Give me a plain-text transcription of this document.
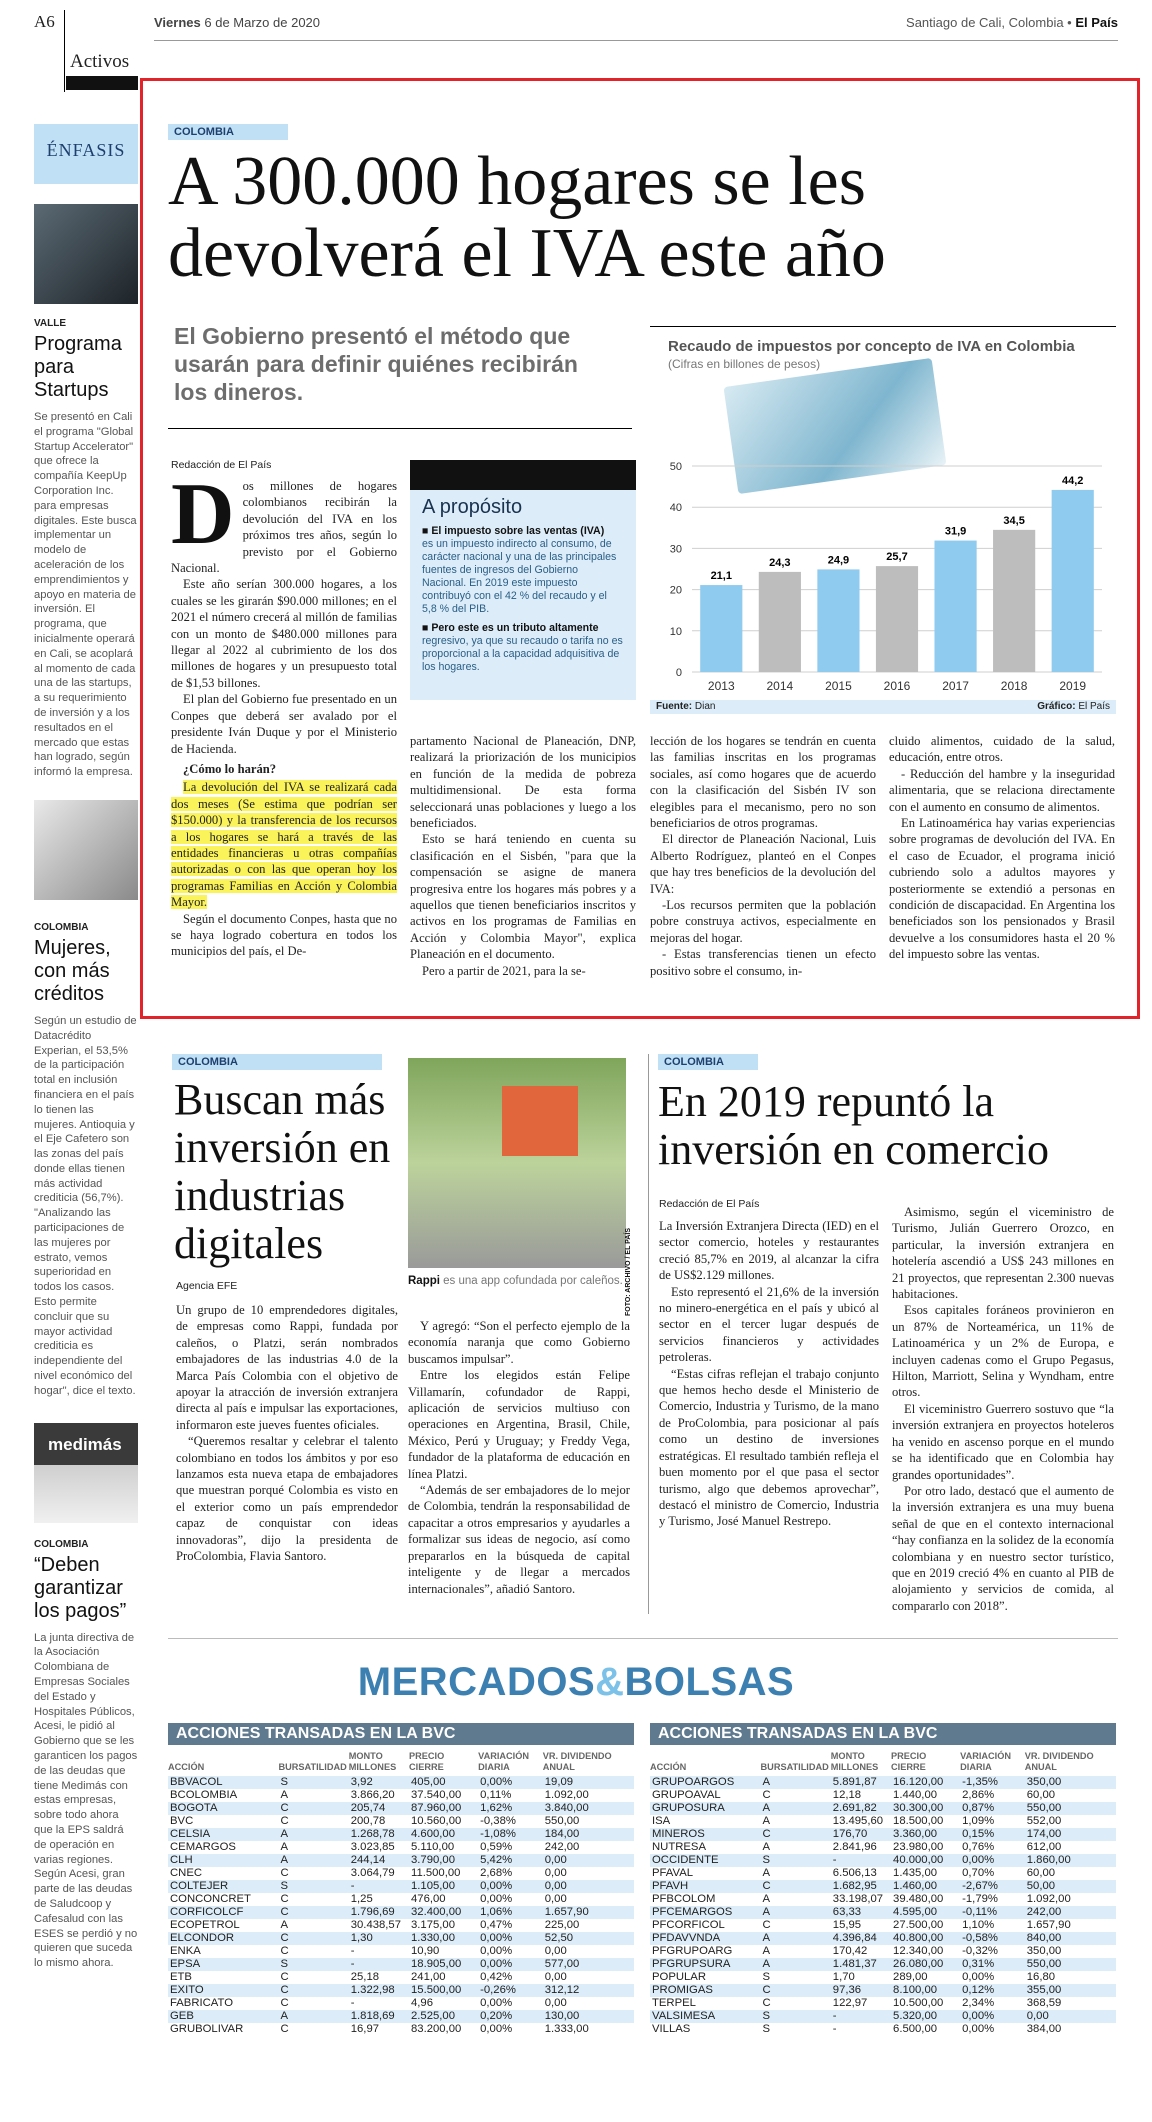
A6	Viernes 6 de Marzo de 2020	Santiago de Cali, Colombia • El País
Activos
ÉNFASIS
VALLE
Programa para Startups
Se presentó en Cali el programa "Global Startup Accelerator" que ofrece la compañía KeepUp Corporation Inc. para empresas digitales. Este busca implementar un modelo de aceleración de los emprendimientos y apoyo en materia de inversión. El programa, que inicialmente operará en Cali, se acoplará al momento de cada una de las startups, a su requerimiento de inversión y a los resultados en el mercado que estas han logrado, según informó la empresa.
COLOMBIA
Mujeres, con más créditos
Según un estudio de Datacrédito Experian, el 53,5% de la participación total en inclusión financiera en el país lo tienen las mujeres. Antioquia y el Eje Cafetero son las zonas del país donde ellas tienen más actividad crediticia (56,7%). "Analizando las participaciones de las mujeres por estrato, vemos superioridad en todos los casos. Esto permite concluir que su mayor actividad crediticia es independiente del nivel económico del hogar", dice el texto.
medimás
COLOMBIA
“Deben garantizar los pagos”
La junta directiva de la Asociación Colombiana de Empresas Sociales del Estado y Hospitales Públicos, Acesi, le pidió al Gobierno que se les garanticen los pagos de las deudas que tiene Medimás con estas empresas, sobre todo ahora que la EPS saldrá de operación en varias regiones. Según Acesi, gran parte de las deudas de Saludcoop y Cafesalud con las ESES se perdió y no quieren que suceda lo mismo ahora.
COLOMBIA
A 300.000 hogares se les devolverá el IVA este año
El Gobierno presentó el método que usarán para definir quiénes recibirán los dineros.
Redacción de El País
D os millones de hogares colombianos recibirán la devolución del IVA en los próximos tres años, según lo previsto por el Gobierno Nacional.
Este año serían 300.000 hogares, a los cuales se les girarán $90.000 millones; en el 2021 el número crecerá al millón de familias con un monto de $480.000 millones para llegar al 2022 al cubrimiento de los dos millones de hogares y un presupuesto total de $1,53 billones.
El plan del Gobierno fue presentado en un Conpes que deberá ser avalado por el presidente Iván Duque y por el Ministerio de Hacienda.
¿Cómo lo harán?
La devolución del IVA se realizará cada dos meses (Se estima que podrían ser $150.000) y la transferencia de los recursos a los hogares se hará a través de las entidades financieras u otras compañías autorizadas o con las que operan hoy los programas Familias en Acción y Colombia Mayor.
Según el documento Conpes, hasta que no se haya logrado cobertura en todos los municipios del país, el De-
A propósito
■ El impuesto sobre las ventas (IVA)
es un impuesto indirecto al consumo, de carácter nacional y una de las principales fuentes de ingresos del Gobierno Nacional. En 2019 este impuesto contribuyó con el 42 % del recaudo y el 5,8 % del PIB.
■ Pero este es un tributo altamente
regresivo, ya que su recaudo o tarifa no es proporcional a la capacidad adquisitiva de los hogares.
partamento Nacional de Planeación, DNP, realizará la priorización de los municipios en función de la medida de pobreza multidimensional. De esta forma seleccionará unas poblaciones y luego a los beneficiados.
Esto se hará teniendo en cuenta su clasificación en el Sisbén, "para que la compensación se asigne de manera progresiva entre los hogares más pobres y a aquellos que tienen beneficiarios inscritos y activos en los programas de Familias en Acción y Colombia Mayor", explica Planeación en el documento.
Pero a partir de 2021, para la se-
lección de los hogares se tendrán en cuenta las familias inscritas en los programas sociales, así como hogares que de acuerdo con la clasificación del Sisbén IV son elegibles para el mecanismo, pero no son beneficiarios de otros programas.
El director de Planeación Nacional, Luis Alberto Rodríguez, planteó en el Conpes que hay tres beneficios de la devolución del IVA:
-Los recursos permiten que la población pobre construya activos, especialmente en mejoras del hogar.
- Estas transferencias tienen un efecto positivo sobre el consumo, in-
cluido alimentos, cuidado de la salud, educación, entre otros.
- Reducción del hambre y la inseguridad alimentaria, que se relaciona directamente con el aumento en consumo de alimentos.
En Latinoamérica hay varias experiencias sobre programas de devolución del IVA. En el caso de Ecuador, el programa inició cubriendo solo a adultos mayores y posteriormente se extendió a personas en condición de discapacidad. En Argentina los beneficiados son los pensionados y Brasil devuelve a los consumidores hasta el 20 % del impuesto sobre las ventas.
Recaudo de impuestos por concepto de IVA en Colombia
(Cifras en billones de pesos)
0
10
20
30
40
50
21,1
2013
24,3
2014
24,9
2015
25,7
2016
31,9
2017
34,5
2018
44,2
2019
Fuente: Dian	Gráfico: El País
COLOMBIA
Buscan más inversión en industrias digitales
Agencia EFE	FOTO: ARCHIVO / EL PAÍS
Rappi es una app cofundada por caleños.
Un grupo de 10 emprendedores digitales, de empresas como Rappi, fundada por caleños, o Platzi, serán nombrados embajadores de las industrias 4.0 de la Marca País Colombia con el objetivo de apoyar la atracción de inversión extranjera directa al país e impulsar las exportaciones, informaron este jueves fuentes oficiales.
“Queremos resaltar y celebrar el talento colombiano en todos los ámbitos y por eso lanzamos esta nueva etapa de embajadores que muestran porqué Colombia es visto en el exterior como un país emprendedor capaz de conquistar con ideas innovadoras”, dijo la presidenta de ProColombia, Flavia Santoro.
Y agregó: “Son el perfecto ejemplo de la economía naranja que como Gobierno buscamos impulsar”.
Entre los elegidos están Felipe Villamarín, cofundador de Rappi, aplicación de servicios multiuso con operaciones en Argentina, Brasil, Chile, México, Perú y Uruguay; y Freddy Vega, fundador de la plataforma de educación en línea Platzi.
“Además de ser embajadores de lo mejor de Colombia, tendrán la responsabilidad de capacitar a otros empresarios y ayudarles a formalizar sus ideas de negocio, así como prepararlos en la búsqueda de capital inteligente y de llegar a mercados internacionales”, añadió Santoro.
COLOMBIA
En 2019 repuntó la inversión en comercio
Redacción de El País
La Inversión Extranjera Directa (IED) en el sector comercio, hoteles y restaurantes creció 85,7% en 2019, al alcanzar la cifra de US$2.129 millones.
Esto representó el 21,6% de la inversión no minero-energética en el país y ubicó al sector en el tercer lugar después de servicios financieros y actividades petroleras.
“Estas cifras reflejan el trabajo conjunto que hemos hecho desde el Ministerio de Comercio, Industria y Turismo, de la mano de ProColombia, para posicionar al país como un destino de inversiones estratégicas. El resultado también refleja el buen momento por el que pasa el sector turismo, algo que debemos aprovechar”, destacó el ministro de Comercio, Industria y Turismo, José Manuel Restrepo.
Asimismo, según el viceministro de Turismo, Julián Guerrero Orozco, en particular, la inversión extranjera en hotelería ascendió a US$ 243 millones en 21 proyectos, que representan 2.300 nuevas habitaciones.
Esos capitales foráneos provinieron en un 87% de Norteamérica, un 11% de Latinoamérica y un 2% de Europa, e incluyen cadenas como el Grupo Pegasus, Hilton, Marriott, Selina y Wyndham, entre otros.
El viceministro Guerrero sostuvo que “la inversión extranjera en proyectos hoteleros ha venido en ascenso porque en el mundo se ha identificado que en Colombia hay grandes oportunidades”.
Por otro lado, destacó que el aumento de la inversión extranjera es una muy buena señal de que en el contexto internacional “hay confianza en la solidez de la economía colombiana y en nuestro sector turístico, que en 2019 creció 4% en cuanto al PIB de alojamiento y servicios de comida, al compararlo con 2018”.
MERCADOS&BOLSAS
ACCIONES TRANSADAS EN LA BVC
ACCIÓN	BURSATILIDAD	MONTO MILLONES	PRECIO CIERRE	VARIACIÓN DIARIA	VR. DIVIDENDO ANUAL
BBVACOL	S	3,92	405,00	0,00%	19,09
BCOLOMBIA	A	3.866,20	37.540,00	0,11%	1.092,00
BOGOTA	C	205,74	87.960,00	1,62%	3.840,00
BVC	C	200,78	10.560,00	-0,38%	550,00
CELSIA	A	1.268,78	4.600,00	-1,08%	184,00
CEMARGOS	A	3.023,85	5.110,00	0,59%	242,00
CLH	A	244,14	3.790,00	5,42%	0,00
CNEC	C	3.064,79	11.500,00	2,68%	0,00
COLTEJER	S	-	1.105,00	0,00%	0,00
CONCONCRET	C	1,25	476,00	0,00%	0,00
CORFICOLCF	C	1.796,69	32.400,00	1,06%	1.657,90
ECOPETROL	A	30.438,57	3.175,00	0,47%	225,00
ELCONDOR	C	1,30	1.330,00	0,00%	52,50
ENKA	C	-	10,90	0,00%	0,00
EPSA	S	-	18.905,00	0,00%	577,00
ETB	C	25,18	241,00	0,42%	0,00
EXITO	C	1.322,98	15.500,00	-0,26%	312,12
FABRICATO	C	-	4,96	0,00%	0,00
GEB	A	1.818,69	2.525,00	0,20%	130,00
GRUBOLIVAR	C	16,97	83.200,00	0,00%	1.333,00
ACCIONES TRANSADAS EN LA BVC
ACCIÓN	BURSATILIDAD	MONTO MILLONES	PRECIO CIERRE	VARIACIÓN DIARIA	VR. DIVIDENDO ANUAL
GRUPOARGOS	A	5.891,87	16.120,00	-1,35%	350,00
GRUPOAVAL	C	12,18	1.440,00	2,86%	60,00
GRUPOSURA	A	2.691,82	30.300,00	0,87%	550,00
ISA	A	13.495,60	18.500,00	1,09%	552,00
MINEROS	C	176,70	3.360,00	0,15%	174,00
NUTRESA	A	2.841,96	23.980,00	0,76%	612,00
OCCIDENTE	S	-	40.000,00	0,00%	1.860,00
PFAVAL	A	6.506,13	1.435,00	0,70%	60,00
PFAVH	C	1.682,95	1.460,00	-2,67%	50,00
PFBCOLOM	A	33.198,07	39.480,00	-1,79%	1.092,00
PFCEMARGOS	A	63,33	4.595,00	-0,11%	242,00
PFCORFICOL	C	15,95	27.500,00	1,10%	1.657,90
PFDAVVNDA	A	4.396,84	40.800,00	-0,58%	840,00
PFGRUPOARG	A	170,42	12.340,00	-0,32%	350,00
PFGRUPSURA	A	1.481,37	26.080,00	0,31%	550,00
POPULAR	S	1,70	289,00	0,00%	16,80
PROMIGAS	C	97,36	8.100,00	0,12%	355,00
TERPEL	C	122,97	10.500,00	2,34%	368,59
VALSIMESA	S	-	5.320,00	0,00%	0,00
VILLAS	S	-	6.500,00	0,00%	384,00
